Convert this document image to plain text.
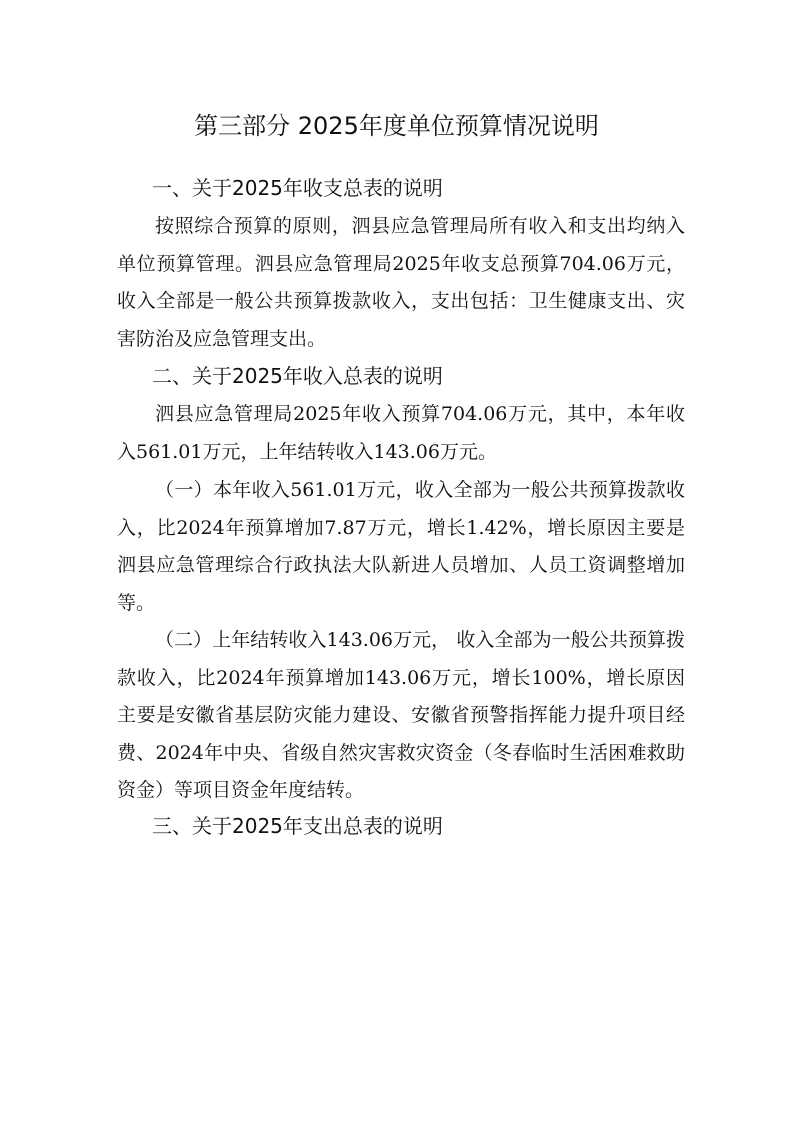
第三部分 2025年度单位预算情况说明
一、关于2025年收支总表的说明

按照综合预算的原则，泗县应急管理局所有收入和支出均纳入单位预算管理。泗县应急管理局2025年收支总预算704.06万元，收入全部是一般公共预算拨款收入，支出包括：卫生健康支出、灾害防治及应急管理支出。

二、关于2025年收入总表的说明

泗县应急管理局2025年收入预算704.06万元，其中，本年收入561.01万元，上年结转收入143.06万元。

（一）本年收入561.01万元，收入全部为一般公共预算拨款收入，比2024年预算增加7.87万元，增长1.42%，增长原因主要是泗县应急管理综合行政执法大队新进人员增加、人员工资调整增加等。

（二）上年结转收入143.06万元， 收入全部为一般公共预算拨款收入，比2024年预算增加143.06万元，增长100%，增长原因主要是安徽省基层防灾能力建设、安徽省预警指挥能力提升项目经费、2024年中央、省级自然灾害救灾资金（冬春临时生活困难救助资金）等项目资金年度结转。

三、关于2025年支出总表的说明
